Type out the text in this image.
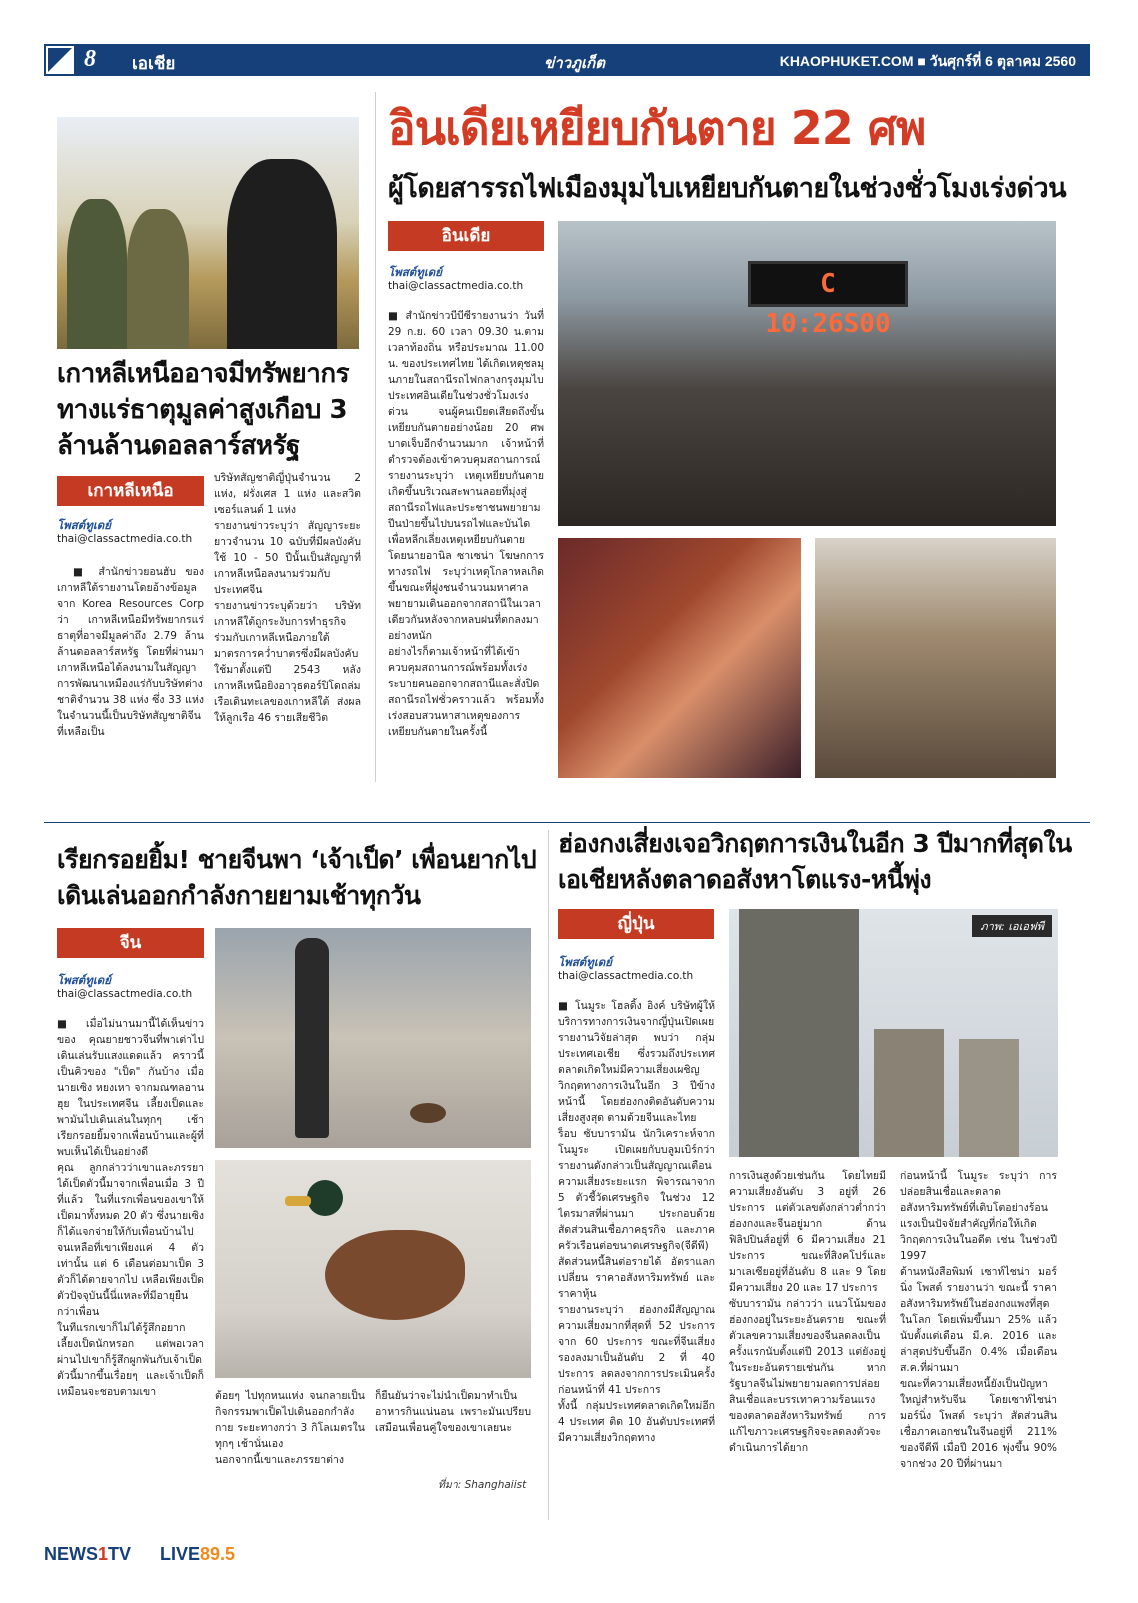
8 เอเชีย	ข่าวภูเก็ต	KHAOPHUKET.COM ■ วันศุกร์ที่ 6 ตุลาคม 2560
เกาหลีเหนืออาจมีทรัพยากรทางแร่ธาตุมูลค่าสูงเกือบ 3 ล้านล้านดอลลาร์สหรัฐ
เกาหลีเหนือ
โพสต์ทูเดย์
thai@classactmedia.co.th

■ สำนักข่าวยอนฮับ ของเกาหลีใต้รายงานโดยอ้างข้อมูลจาก Korea Resources Corp ว่า เกาหลีเหนือมีทรัพยากรแร่ธาตุที่อาจมีมูลค่าถึง 2.79 ล้านล้านดอลลาร์สหรัฐ โดยที่ผ่านมา เกาหลีเหนือได้ลงนามในสัญญาการพัฒนาเหมืองแร่กับบริษัทต่างชาติจำนวน 38 แห่ง ซึ่ง 33 แห่งในจำนวนนี้เป็นบริษัทสัญชาติจีน ที่เหลือเป็น

บริษัทสัญชาติญี่ปุ่นจำนวน 2 แห่ง, ฝรั่งเศส 1 แห่ง และสวิตเซอร์แลนด์ 1 แห่ง
รายงานข่าวระบุว่า สัญญาระยะยาวจำนวน 10 ฉบับที่มีผลบังคับใช้ 10 - 50 ปีนั้นเป็นสัญญาที่เกาหลีเหนือลงนามร่วมกับประเทศจีน
รายงานข่าวระบุด้วยว่า บริษัทเกาหลีใต้ถูกระงับการทำธุรกิจร่วมกับเกาหลีเหนือภายใต้มาตรการคว่ำบาตรซึ่งมีผลบังคับใช้มาตั้งแต่ปี 2543 หลังเกาหลีเหนือยิงอาวุธตอร์ปิโดถล่มเรือเดินทะเลของเกาหลีใต้ ส่งผลให้ลูกเรือ 46 รายเสียชีวิต
อินเดียเหยียบกันตาย 22 ศพ
ผู้โดยสารรถไฟเมืองมุมไบเหยียบกันตายในช่วงชั่วโมงเร่งด่วน
อินเดีย
โพสต์ทูเดย์
thai@classactmedia.co.th
■ สำนักข่าวบีบีซีรายงานว่า วันที่ 29 ก.ย. 60 เวลา 09.30 น.ตามเวลาท้องถิ่น หรือประมาณ 11.00 น. ของประเทศไทย ได้เกิดเหตุชลมุนภายในสถานีรถไฟกลางกรุงมุมไบ ประเทศอินเดียในช่วงชั่วโมงเร่งด่วน จนผู้คนเบียดเสียดถึงขั้นเหยียบกันตายอย่างน้อย 20 ศพ บาดเจ็บอีกจำนวนมาก เจ้าหน้าที่ตำรวจต้องเข้าควบคุมสถานการณ์
รายงานระบุว่า เหตุเหยียบกันตายเกิดขึ้นบริเวณสะพานลอยที่มุ่งสู่สถานีรถไฟและประชาชนพยายามปีนป่ายขึ้นไปบนรถไฟและบันไดเพื่อหลีกเลี่ยงเหตุเหยียบกันตาย โดยนายอานิล ซาเซน่า โฆษกการทางรถไฟ ระบุว่าเหตุโกลาหลเกิดขึ้นขณะที่ฝูงชนจำนวนมหาศาลพยายามเดินออกจากสถานีในเวลาเดียวกันหลังจากหลบฝนที่ตกลงมาอย่างหนัก
อย่างไรก็ตามเจ้าหน้าที่ได้เข้าควบคุมสถานการณ์พร้อมทั้งเร่งระบายคนออกจากสถานีและสั่งปิดสถานีรถไฟชั่วคราวแล้ว พร้อมทั้งเร่งสอบสวนหาสาเหตุของการเหยียบกันตายในครั้งนี้
C 10:26S00
เรียกรอยยิ้ม! ชายจีนพา ‘เจ้าเป็ด’ เพื่อนยากไปเดินเล่นออกกำลังกายยามเช้าทุกวัน
จีน
โพสต์ทูเดย์
thai@classactmedia.co.th
■ เมื่อไม่นานมานี้ได้เห็นข่าวของ คุณยายชาวจีนที่พาเต่าไปเดินเล่นรับแสงแดดแล้ว คราวนี้เป็นคิวของ "เป็ด" กันบ้าง เมื่อ นายเซิง หยงเหา จากมณฑลอานฮุย ในประเทศจีน เลี้ยงเป็ดและพามันไปเดินเล่นในทุกๆ เช้า เรียกรอยยิ้มจากเพื่อนบ้านและผู้ที่พบเห็นได้เป็นอย่างดี
คุณ ลูกกล่าวว่าเขาและภรรยาได้เป็ดตัวนี้มาจากเพื่อนเมื่อ 3 ปีที่แล้ว ในที่แรกเพื่อนของเขาให้เป็ดมาทั้งหมด 20 ตัว ซึ่งนายเซิงก็ได้แจกจ่ายให้กับเพื่อนบ้านไป จนเหลือที่เขาเพียงแค่ 4 ตัวเท่านั้น แต่ 6 เดือนต่อมาเป็ด 3 ตัวก็ได้ตายจากไป เหลือเพียงเป็ดตัวปัจจุบันนี้นี่แหละที่มีอายุยืนกว่าเพื่อน
ในทีแรกเขาก็ไม่ได้รู้สึกอยากเลี้ยงเป็ดนักหรอก แต่พอเวลาผ่านไปเขาก็รู้สึกผูกพันกับเจ้าเป็ดตัวนี้มากขึ้นเรื่อยๆ และเจ้าเป็ดก็เหมือนจะชอบตามเขา	ต้อยๆ ไปทุกหนแห่ง จนกลายเป็นกิจกรรมพาเป็ดไปเดินออกกำลังกาย ระยะทางกว่า 3 กิโลเมตรในทุกๆ เช้านั่นเอง
นอกจากนี้เขาและภรรยาต่าง
ก็ยืนยันว่าจะไม่นำเป็ดมาทำเป็นอาหารกินแน่นอน เพราะมันเปรียบเสมือนเพื่อนคู่ใจของเขาเลยนะ
ที่มา: Shanghaiist
ฮ่องกงเสี่ยงเจอวิกฤตการเงินในอีก 3 ปีมากที่สุดในเอเชียหลังตลาดอสังหาโตแรง-หนี้พุ่ง
ญี่ปุ่น
โพสต์ทูเดย์
thai@classactmedia.co.th
ภาพ: เอเอฟพี
■ โนมูระ โฮลดิ้ง อิงค์ บริษัทผู้ให้บริการทางการเงินจากญี่ปุ่นเปิดเผยรายงานวิจัยล่าสุด พบว่า กลุ่มประเทศเอเชีย ซึ่งรวมถึงประเทศตลาดเกิดใหม่มีความเสี่ยงเผชิญวิกฤตทางการเงินในอีก 3 ปีข้างหน้านี้ โดยฮ่องกงติดอันดับความเสี่ยงสูงสุด ตามด้วยจีนและไทย
ร็อบ ซับบารามัน นักวิเคราะห์จากโนมูระ เปิดเผยกับบลูมเบิร์กว่า รายงานดังกล่าวเป็นสัญญาณเตือนความเสี่ยงระยะแรก พิจารณาจาก 5 ตัวชี้วัดเศรษฐกิจ ในช่วง 12 ไตรมาสที่ผ่านมา ประกอบด้วย สัดส่วนสินเชื่อภาคธุรกิจ และภาคครัวเรือนต่อขนาดเศรษฐกิจ(จีดีพี) สัดส่วนหนี้สินต่อรายได้ อัตราแลกเปลี่ยน ราคาอสังหาริมทรัพย์ และราคาหุ้น
รายงานระบุว่า ฮ่องกงมีสัญญาณความเสี่ยงมากที่สุดที่ 52 ประการ จาก 60 ประการ ขณะที่จีนเสี่ยงรองลงมาเป็นอันดับ 2 ที่ 40 ประการ ลดลงจากการประเมินครั้งก่อนหน้าที่ 41 ประการ
ทั้งนี้ กลุ่มประเทศตลาดเกิดใหม่อีก 4 ประเทศ ติด 10 อันดับประเทศที่มีความเสี่ยงวิกฤตทาง
การเงินสูงด้วยเช่นกัน โดยไทยมีความเสี่ยงอันดับ 3 อยู่ที่ 26 ประการ แต่ตัวเลขดังกล่าวต่ำกว่าฮ่องกงและจีนอยู่มาก ด้านฟิลิปปินส์อยู่ที่ 6 มีความเสี่ยง 21 ประการ ขณะที่สิงคโปร์และมาเลเซียอยู่ที่อันดับ 8 และ 9 โดยมีความเสี่ยง 20 และ 17 ประการ
ซับบารามัน กล่าวว่า แนวโน้มของฮ่องกงอยู่ในระยะอันตราย ขณะที่ตัวเลขความเสี่ยงของจีนลดลงเป็นครั้งแรกนับตั้งแต่ปี 2013 แต่ยังอยู่ในระยะอันตรายเช่นกัน หากรัฐบาลจีนไม่พยายามลดการปล่อยสินเชื่อและบรรเทาความร้อนแรงของตลาดอสังหาริมทรัพย์ การแก้ไขภาวะเศรษฐกิจจะลดลงตัวจะดำเนินการได้ยาก
ก่อนหน้านี้ โนมูระ ระบุว่า การปล่อยสินเชื่อและตลาดอสังหาริมทรัพย์ที่เติบโตอย่างร้อนแรงเป็นปัจจัยสำคัญที่ก่อให้เกิดวิกฤตการเงินในอดีต เช่น ในช่วงปี 1997
ด้านหนังสือพิมพ์ เซาท์ไชน่า มอร์นิ่ง โพสต์ รายงานว่า ขณะนี้ ราคาอสังหาริมทรัพย์ในฮ่องกงแพงที่สุดในโลก โดยเพิ่มขึ้นมา 25% แล้วนับตั้งแต่เดือน มี.ค. 2016 และล่าสุดปรับขึ้นอีก 0.4% เมื่อเดือน ส.ค.ที่ผ่านมา
ขณะที่ความเสี่ยงหนี้ยังเป็นปัญหาใหญ่สำหรับจีน โดยเซาท์ไชน่า มอร์นิ่ง โพสต์ ระบุว่า สัดส่วนสินเชื่อภาคเอกชนในจีนอยู่ที่ 211% ของจีดีพี เมื่อปี 2016 พุ่งขึ้น 90% จากช่วง 20 ปีที่ผ่านมา
NEWS1TV LIVE89.5
